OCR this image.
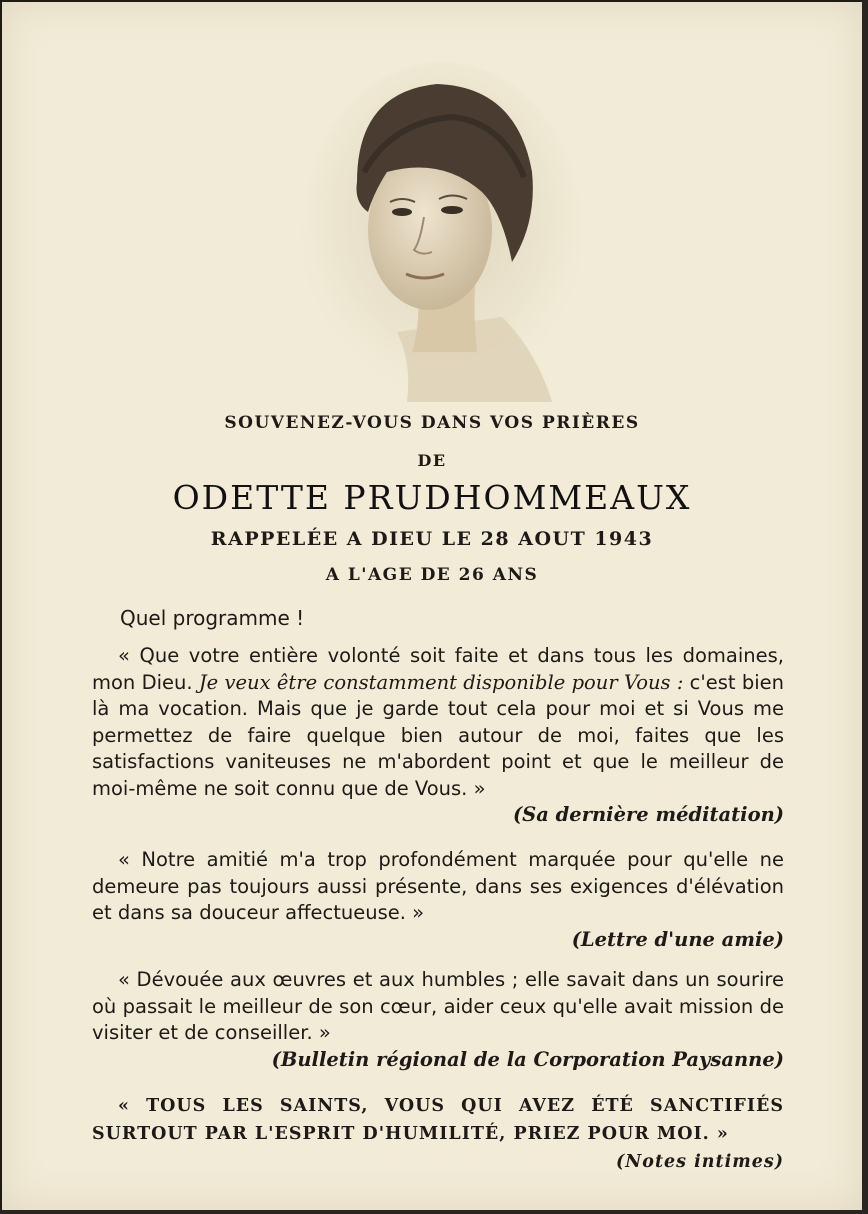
SOUVENEZ-VOUS DANS VOS PRIÈRES
DE
ODETTE PRUDHOMMEAUX
RAPPELÉE A DIEU LE 28 AOUT 1943
A L'AGE DE 26 ANS
Quel programme !

« Que votre entière volonté soit faite et dans tous les domaines, mon Dieu. Je veux être constamment disponible pour Vous : c'est bien là ma vocation. Mais que je garde tout cela pour moi et si Vous me permettez de faire quelque bien autour de moi, faites que les satisfactions vaniteuses ne m'abordent point et que le meilleur de moi-même ne soit connu que de Vous. »
(Sa dernière méditation)

« Notre amitié m'a trop profondément marquée pour qu'elle ne demeure pas toujours aussi présente, dans ses exigences d'élévation et dans sa douceur affectueuse. »
(Lettre d'une amie)

« Dévouée aux œuvres et aux humbles ; elle savait dans un sourire où passait le meilleur de son cœur, aider ceux qu'elle avait mission de visiter et de conseiller. »
(Bulletin régional de la Corporation Paysanne)

« TOUS LES SAINTS, VOUS QUI AVEZ ÉTÉ SANCTIFIÉS SURTOUT PAR L'ESPRIT D'HUMILITÉ, PRIEZ POUR MOI. »
(Notes intimes)
